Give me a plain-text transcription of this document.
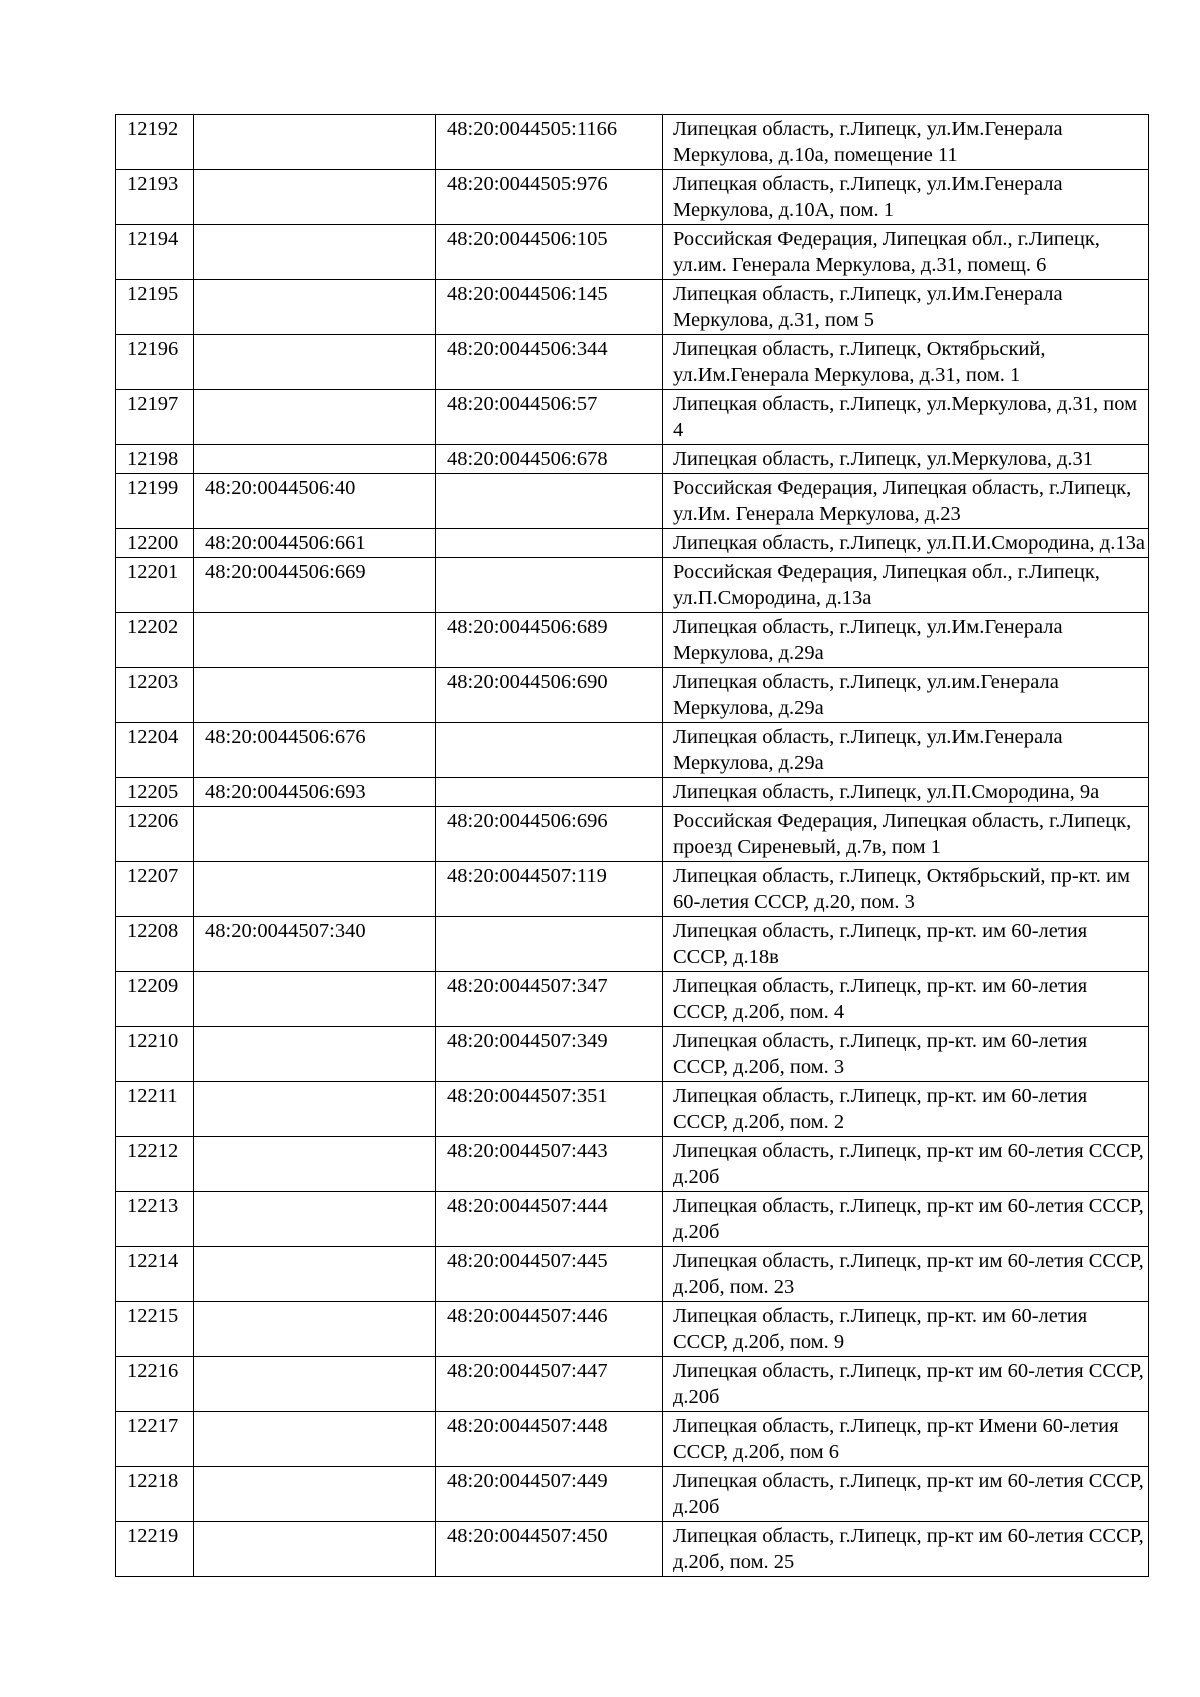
12192		48:20:0044505:1166	Липецкая область, г.Липецк, ул.Им.Генерала Меркулова, д.10а, помещение 11
12193		48:20:0044505:976	Липецкая область, г.Липецк, ул.Им.Генерала Меркулова, д.10А, пом. 1
12194		48:20:0044506:105	Российская Федерация, Липецкая обл., г.Липецк, ул.им. Генерала Меркулова, д.31, помещ. 6
12195		48:20:0044506:145	Липецкая область, г.Липецк, ул.Им.Генерала Меркулова, д.31, пом 5
12196		48:20:0044506:344	Липецкая область, г.Липецк, Октябрьский, ул.Им.Генерала Меркулова, д.31, пом. 1
12197		48:20:0044506:57	Липецкая область, г.Липецк, ул.Меркулова, д.31, пом 4
12198		48:20:0044506:678	Липецкая область, г.Липецк, ул.Меркулова, д.31
12199	48:20:0044506:40		Российская Федерация, Липецкая область, г.Липецк, ул.Им. Генерала Меркулова, д.23
12200	48:20:0044506:661		Липецкая область, г.Липецк, ул.П.И.Смородина, д.13а
12201	48:20:0044506:669		Российская Федерация, Липецкая обл., г.Липецк, ул.П.Смородина, д.13а
12202		48:20:0044506:689	Липецкая область, г.Липецк, ул.Им.Генерала Меркулова, д.29а
12203		48:20:0044506:690	Липецкая область, г.Липецк, ул.им.Генерала Меркулова, д.29а
12204	48:20:0044506:676		Липецкая область, г.Липецк, ул.Им.Генерала Меркулова, д.29а
12205	48:20:0044506:693		Липецкая область, г.Липецк, ул.П.Смородина, 9а
12206		48:20:0044506:696	Российская Федерация, Липецкая область, г.Липецк, проезд Сиреневый, д.7в, пом 1
12207		48:20:0044507:119	Липецкая область, г.Липецк, Октябрьский, пр-кт. им 60-летия СССР, д.20, пом. 3
12208	48:20:0044507:340		Липецкая область, г.Липецк, пр-кт. им 60-летия СССР, д.18в
12209		48:20:0044507:347	Липецкая область, г.Липецк, пр-кт. им 60-летия СССР, д.20б, пом. 4
12210		48:20:0044507:349	Липецкая область, г.Липецк, пр-кт. им 60-летия СССР, д.20б, пом. 3
12211		48:20:0044507:351	Липецкая область, г.Липецк, пр-кт. им 60-летия СССР, д.20б, пом. 2
12212		48:20:0044507:443	Липецкая область, г.Липецк, пр-кт им 60-летия СССР, д.20б
12213		48:20:0044507:444	Липецкая область, г.Липецк, пр-кт им 60-летия СССР, д.20б
12214		48:20:0044507:445	Липецкая область, г.Липецк, пр-кт им 60-летия СССР, д.20б, пом. 23
12215		48:20:0044507:446	Липецкая область, г.Липецк, пр-кт. им 60-летия СССР, д.20б, пом. 9
12216		48:20:0044507:447	Липецкая область, г.Липецк, пр-кт им 60-летия СССР, д.20б
12217		48:20:0044507:448	Липецкая область, г.Липецк, пр-кт Имени 60-летия СССР, д.20б, пом 6
12218		48:20:0044507:449	Липецкая область, г.Липецк, пр-кт им 60-летия СССР, д.20б
12219		48:20:0044507:450	Липецкая область, г.Липецк, пр-кт им 60-летия СССР, д.20б, пом. 25
